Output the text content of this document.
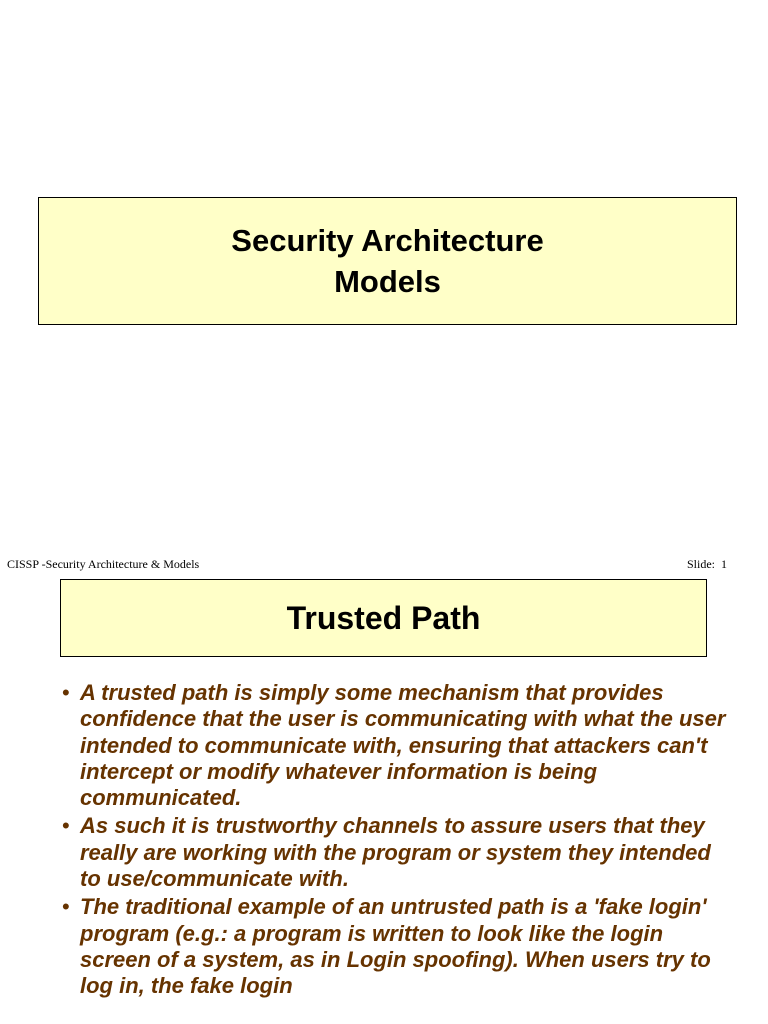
Security Architecture
Models
CISSP -Security Architecture & Models	Slide:  1
Trusted Path
• A trusted path is simply some mechanism that provides confidence that the user is communicating with what the user intended to communicate with, ensuring that attackers can't intercept or modify whatever information is being communicated.
• As such it is trustworthy channels to assure users that they really are working with the program or system they intended to use/communicate with.
• The traditional example of an untrusted path is a 'fake login' program (e.g.: a program is written to look like the login screen of a system, as in Login spoofing). When users try to log in, the fake login
